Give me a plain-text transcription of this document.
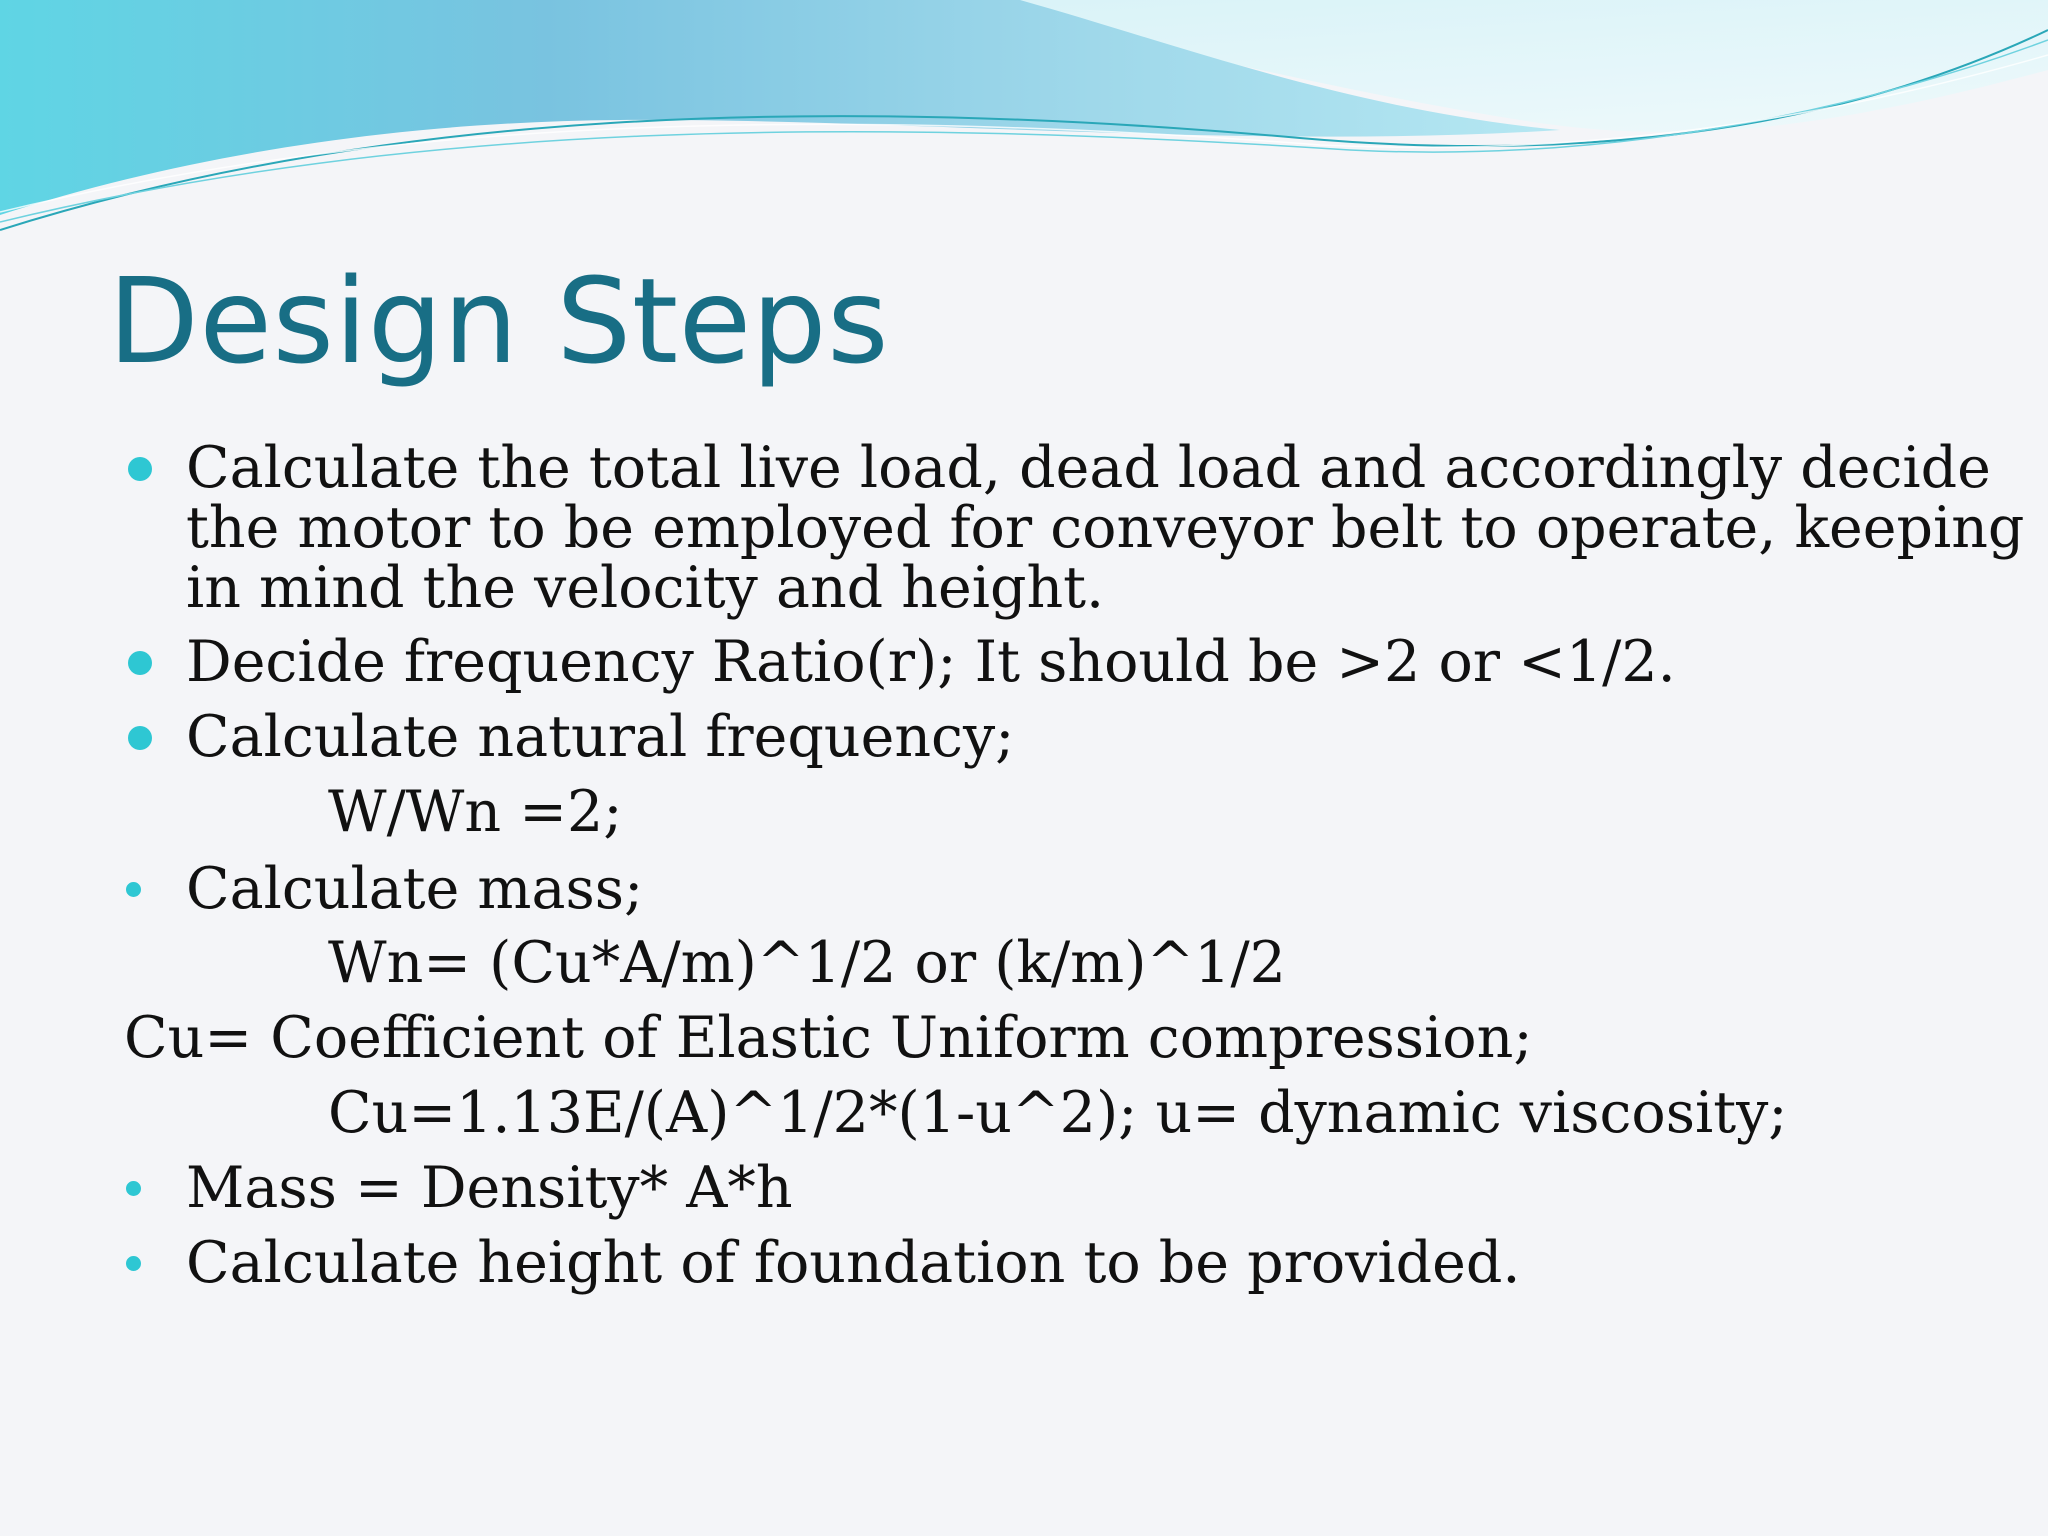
Design Steps
Calculate the total live load, dead load and accordingly decide
the motor to be employed for conveyor belt to operate, keeping
in mind the velocity and height.
Decide frequency Ratio(r); It should be >2 or <1/2.
Calculate natural frequency;
W/Wn =2;
Calculate mass;
Wn= (Cu*A/m)^1/2 or (k/m)^1/2
Cu= Coefficient of Elastic Uniform compression;
Cu=1.13E/(A)^1/2*(1-u^2); u= dynamic viscosity;
Mass = Density* A*h
Calculate height of foundation to be provided.
